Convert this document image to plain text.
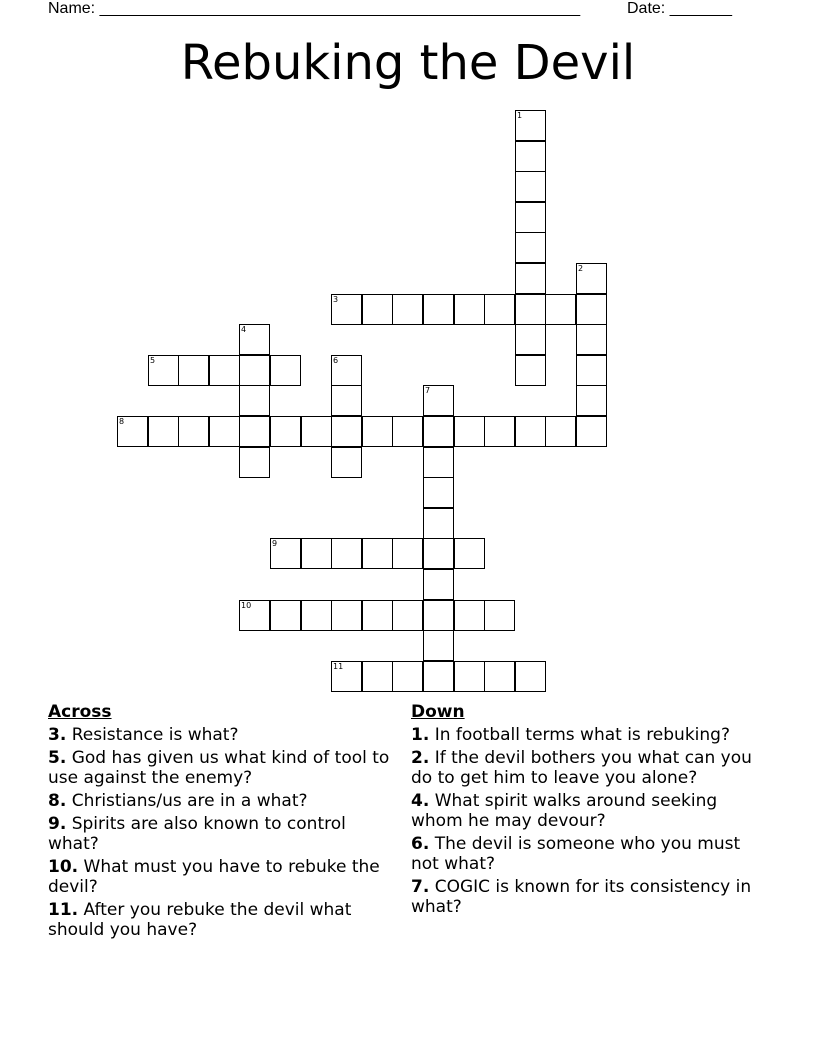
Name: ______________________________________________________	Date: _______
Rebuking the Devil
1
2
3
4
5	6
7
8
9
10
11
Across
3. Resistance is what?
5. God has given us what kind of tool to use against the enemy?
8. Christians/us are in a what?
9. Spirits are also known to control what?
10. What must you have to rebuke the devil?
11. After you rebuke the devil what should you have?
Down
1. In football terms what is rebuking?
2. If the devil bothers you what can you do to get him to leave you alone?
4. What spirit walks around seeking whom he may devour?
6. The devil is someone who you must not what?
7. COGIC is known for its consistency in what?
